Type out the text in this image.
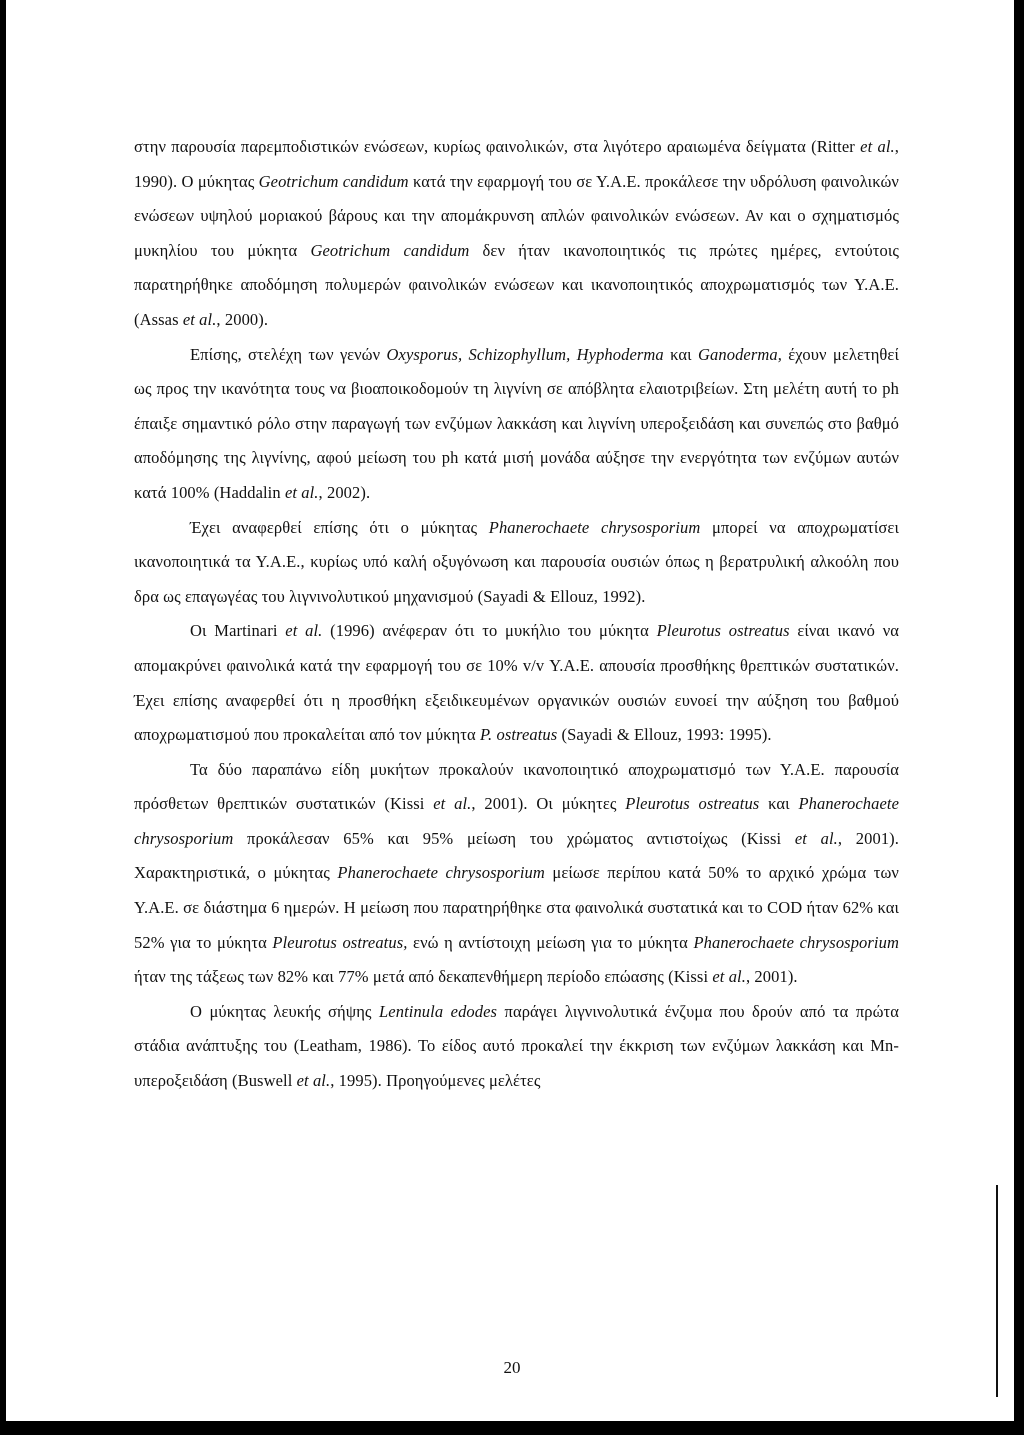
στην παρουσία παρεμποδιστικών ενώσεων, κυρίως φαινολικών, στα λιγότερο αραιωμένα δείγματα (Ritter et al., 1990). Ο μύκητας Geotrichum candidum κατά την εφαρμογή του σε Υ.Α.Ε. προκάλεσε την υδρόλυση φαινολικών ενώσεων υψηλού μοριακού βάρους και την απομάκρυνση απλών φαινολικών ενώσεων. Αν και ο σχηματισμός μυκηλίου του μύκητα Geotrichum candidum δεν ήταν ικανοποιητικός τις πρώτες ημέρες, εντούτοις παρατηρήθηκε αποδόμηση πολυμερών φαινολικών ενώσεων και ικανοποιητικός αποχρωματισμός των Υ.Α.Ε. (Assas et al., 2000).

Επίσης, στελέχη των γενών Oxysporus, Schizophyllum, Hyphoderma και Ganoderma, έχουν μελετηθεί ως προς την ικανότητα τους να βιοαποικοδομούν τη λιγνίνη σε απόβλητα ελαιοτριβείων. Στη μελέτη αυτή το ph έπαιξε σημαντικό ρόλο στην παραγωγή των ενζύμων λακκάση και λιγνίνη υπεροξειδάση και συνεπώς στο βαθμό αποδόμησης της λιγνίνης, αφού μείωση του ph κατά μισή μονάδα αύξησε την ενεργότητα των ενζύμων αυτών κατά 100% (Haddalin et al., 2002).

Έχει αναφερθεί επίσης ότι ο μύκητας Phanerochaete chrysosporium μπορεί να αποχρωματίσει ικανοποιητικά τα Υ.Α.Ε., κυρίως υπό καλή οξυγόνωση και παρουσία ουσιών όπως η βερατρυλική αλκοόλη που δρα ως επαγωγέας του λιγνινολυτικού μηχανισμού (Sayadi & Ellouz, 1992).

Οι Martinari et al. (1996) ανέφεραν ότι το μυκήλιο του μύκητα Pleurotus ostreatus είναι ικανό να απομακρύνει φαινολικά κατά την εφαρμογή του σε 10% v/v Υ.Α.Ε. απουσία προσθήκης θρεπτικών συστατικών. Έχει επίσης αναφερθεί ότι η προσθήκη εξειδικευμένων οργανικών ουσιών ευνοεί την αύξηση του βαθμού αποχρωματισμού που προκαλείται από τον μύκητα P. ostreatus (Sayadi & Ellouz, 1993: 1995).

Τα δύο παραπάνω είδη μυκήτων προκαλούν ικανοποιητικό αποχρωματισμό των Υ.Α.Ε. παρουσία πρόσθετων θρεπτικών συστατικών (Kissi et al., 2001). Οι μύκητες Pleurotus ostreatus και Phanerochaete chrysosporium προκάλεσαν 65% και 95% μείωση του χρώματος αντιστοίχως (Kissi et al., 2001). Χαρακτηριστικά, ο μύκητας Phanerochaete chrysosporium μείωσε περίπου κατά 50% το αρχικό χρώμα των Υ.Α.Ε. σε διάστημα 6 ημερών. Η μείωση που παρατηρήθηκε στα φαινολικά συστατικά και το COD ήταν 62% και 52% για το μύκητα Pleurotus ostreatus, ενώ η αντίστοιχη μείωση για το μύκητα Phanerochaete chrysosporium ήταν της τάξεως των 82% και 77% μετά από δεκαπενθήμερη περίοδο επώασης (Kissi et al., 2001).

Ο μύκητας λευκής σήψης Lentinula edodes παράγει λιγνινολυτικά ένζυμα που δρούν από τα πρώτα στάδια ανάπτυξης του (Leatham, 1986). Το είδος αυτό προκαλεί την έκκριση των ενζύμων λακκάση και Mn-υπεροξειδάση (Buswell et al., 1995). Προηγούμενες μελέτες

20
